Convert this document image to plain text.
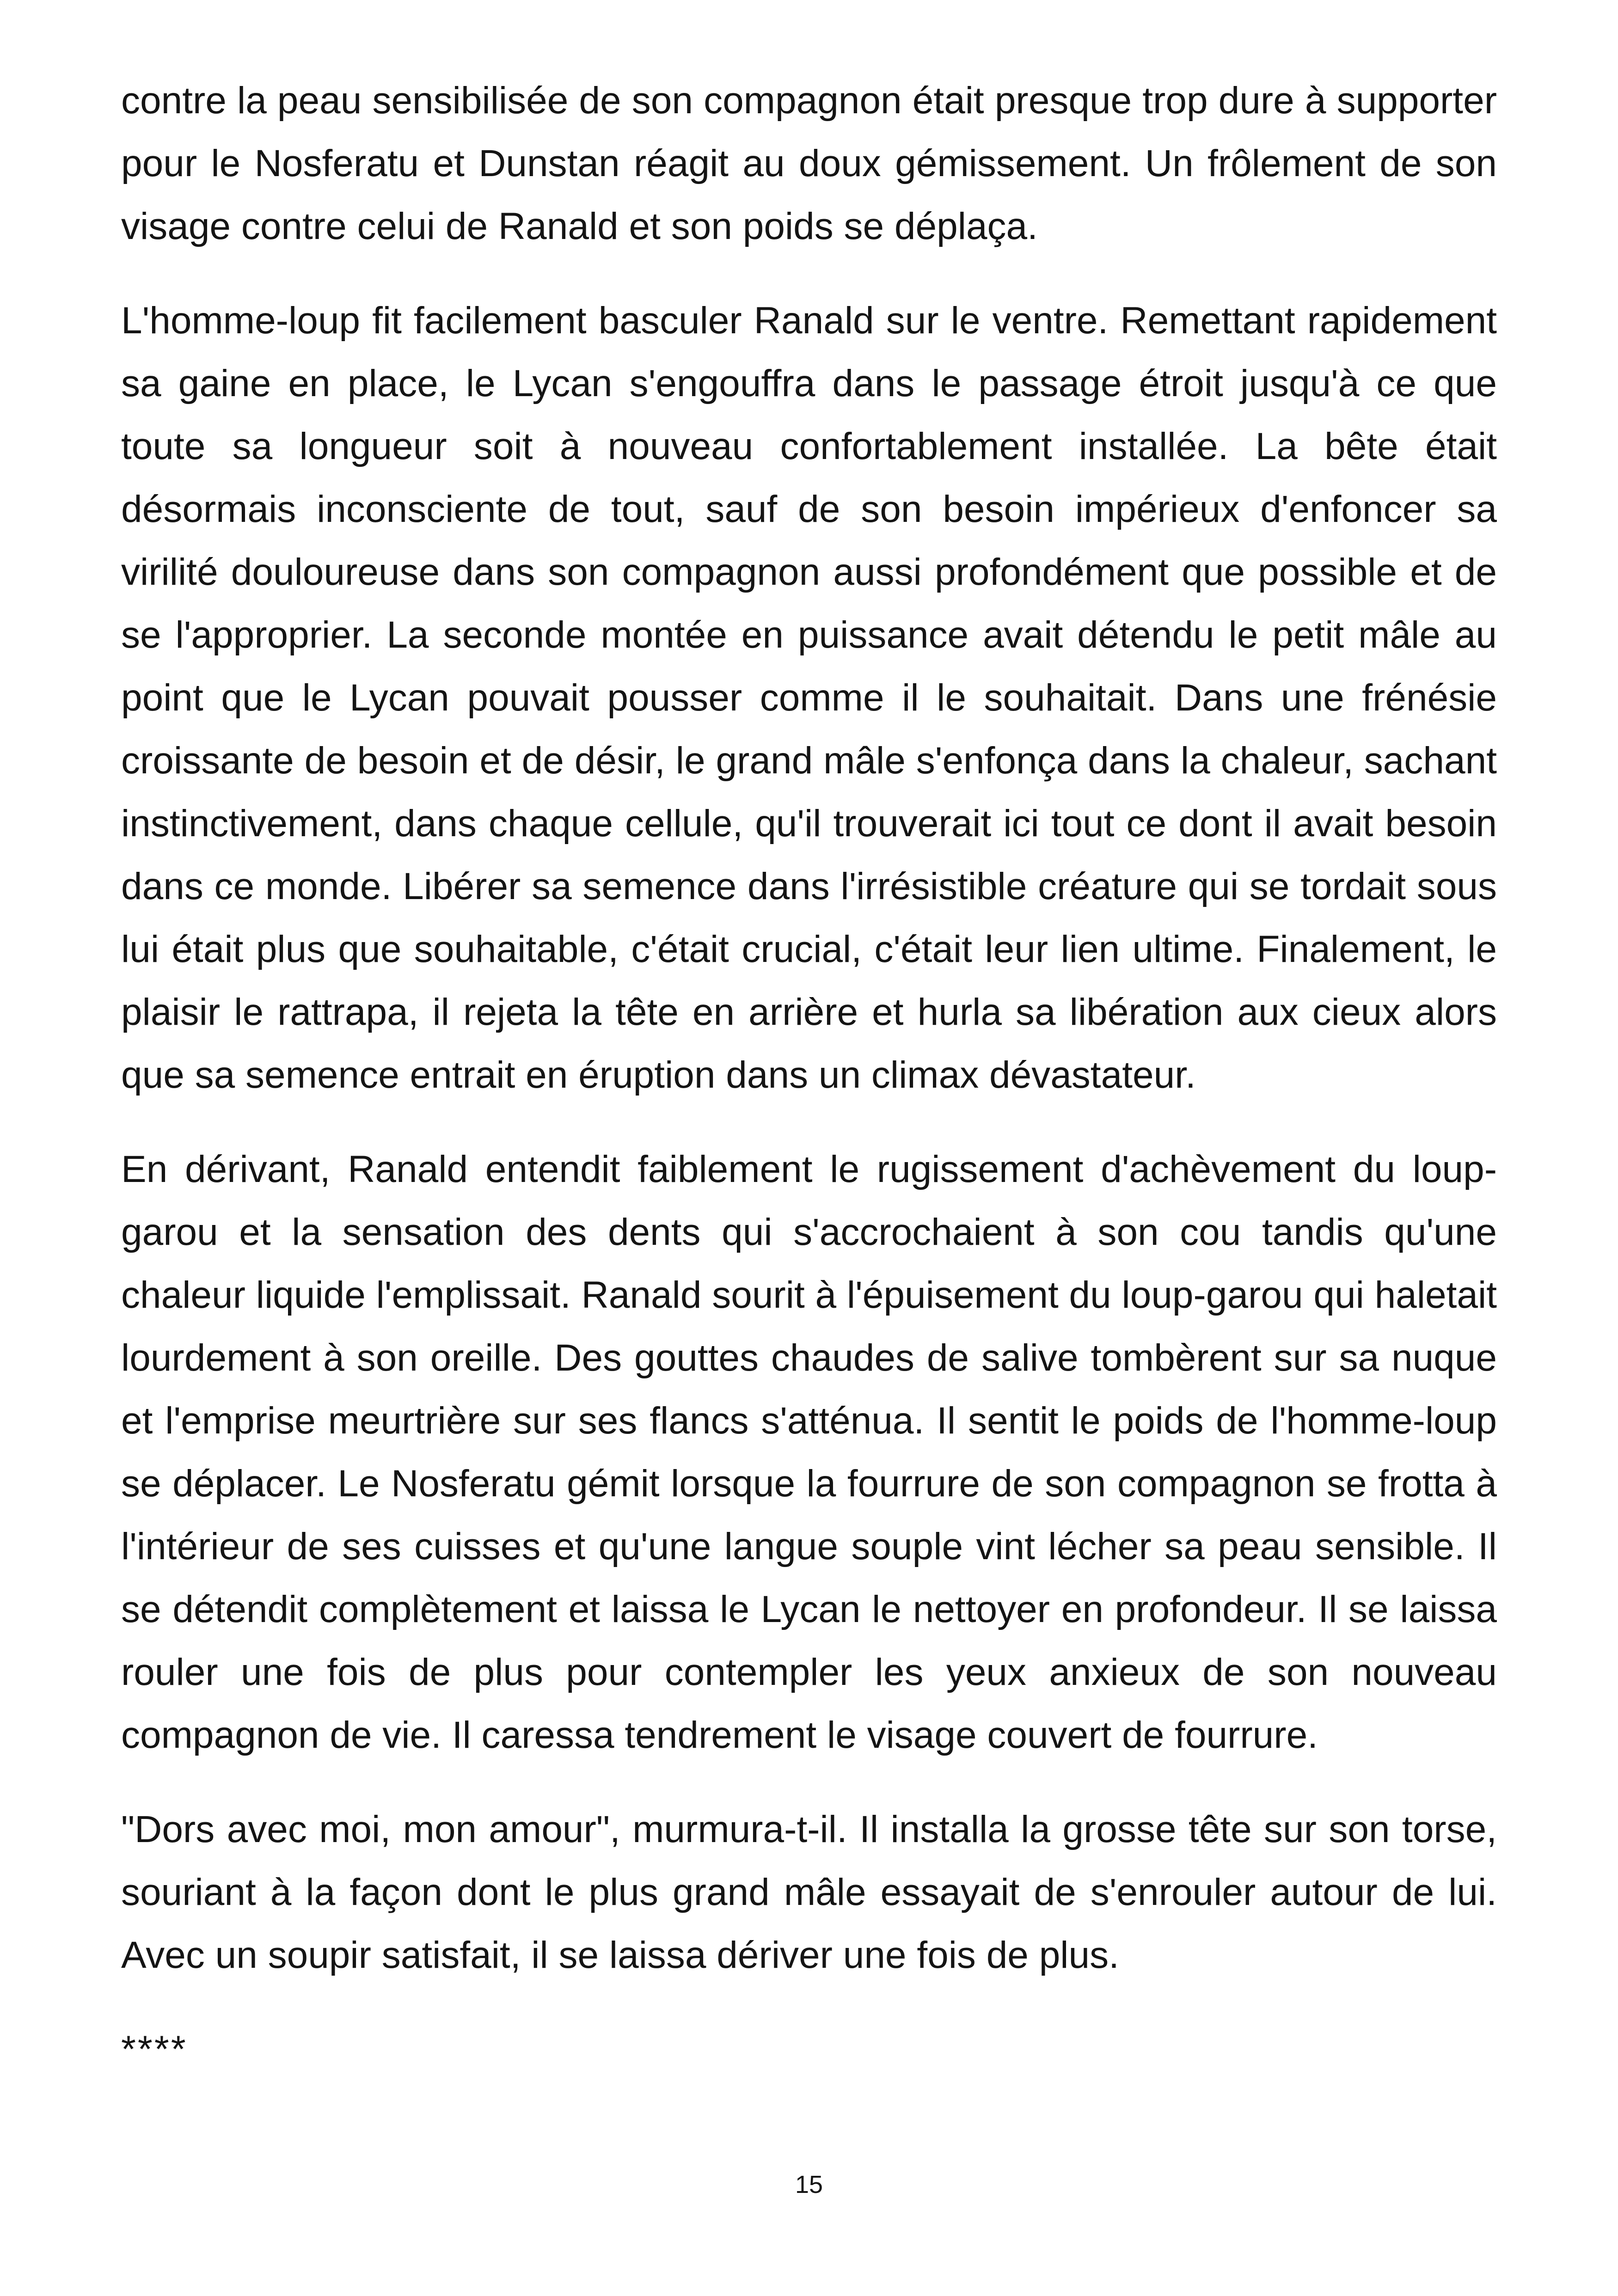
contre la peau sensibilisée de son compagnon était presque trop dure à supporter pour le Nosferatu et Dunstan réagit au doux gémissement. Un frôlement de son visage contre celui de Ranald et son poids se déplaça.

L'homme-loup fit facilement basculer Ranald sur le ventre. Remettant rapidement sa gaine en place, le Lycan s'engouffra dans le passage étroit jusqu'à ce que toute sa longueur soit à nouveau confortablement installée. La bête était désormais inconsciente de tout, sauf de son besoin impérieux d'enfoncer sa virilité douloureuse dans son compagnon aussi profondément que possible et de se l'approprier. La seconde montée en puissance avait détendu le petit mâle au point que le Lycan pouvait pousser comme il le souhaitait. Dans une frénésie croissante de besoin et de désir, le grand mâle s'enfonça dans la chaleur, sachant instinctivement, dans chaque cellule, qu'il trouverait ici tout ce dont il avait besoin dans ce monde. Libérer sa semence dans l'irrésistible créature qui se tordait sous lui était plus que souhaitable, c'était crucial, c'était leur lien ultime. Finalement, le plaisir le rattrapa, il rejeta la tête en arrière et hurla sa libération aux cieux alors que sa semence entrait en éruption dans un climax dévastateur.

En dérivant, Ranald entendit faiblement le rugissement d'achèvement du loup-garou et la sensation des dents qui s'accrochaient à son cou tandis qu'une chaleur liquide l'emplissait. Ranald sourit à l'épuisement du loup-garou qui haletait lourdement à son oreille. Des gouttes chaudes de salive tombèrent sur sa nuque et l'emprise meurtrière sur ses flancs s'atténua. Il sentit le poids de l'homme-loup se déplacer. Le Nosferatu gémit lorsque la fourrure de son compagnon se frotta à l'intérieur de ses cuisses et qu'une langue souple vint lécher sa peau sensible. Il se détendit complètement et laissa le Lycan le nettoyer en profondeur. Il se laissa rouler une fois de plus pour contempler les yeux anxieux de son nouveau compagnon de vie. Il caressa tendrement le visage couvert de fourrure.

"Dors avec moi, mon amour", murmura-t-il. Il installa la grosse tête sur son torse, souriant à la façon dont le plus grand mâle essayait de s'enrouler autour de lui. Avec un soupir satisfait, il se laissa dériver une fois de plus.

****

15
